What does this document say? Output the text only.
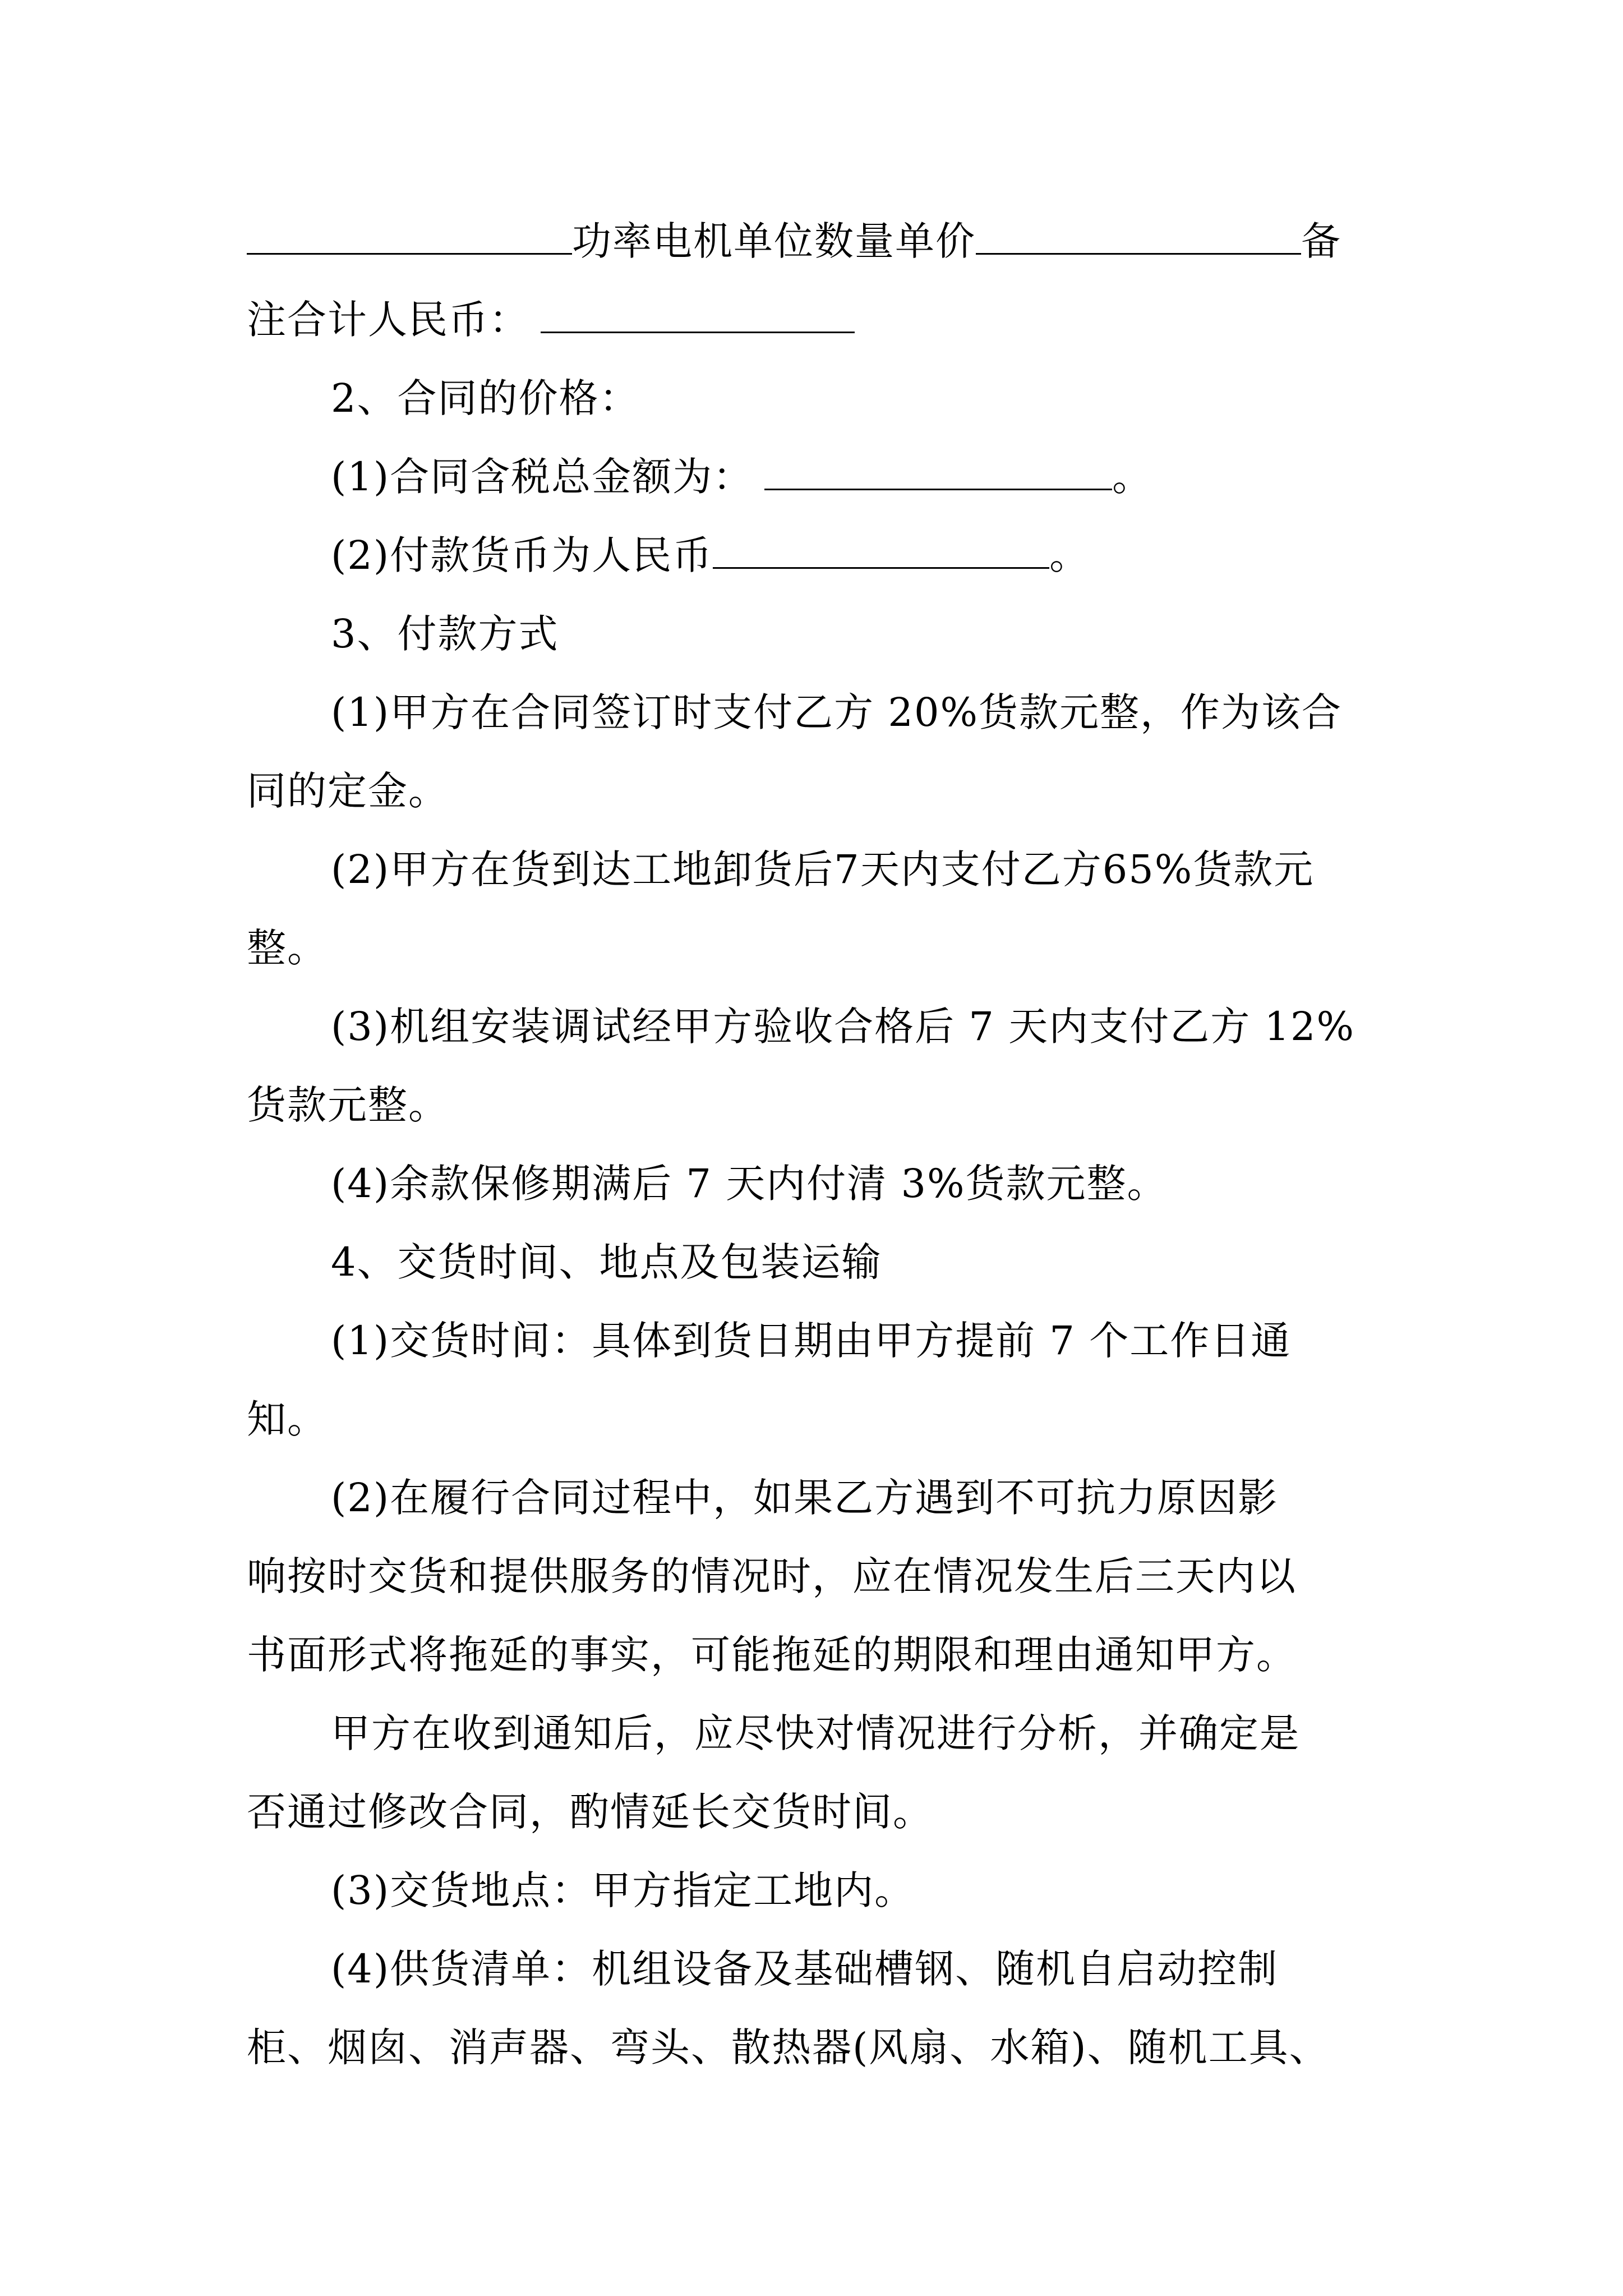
功率电机单位数量单价	备
注合计人民币：
2、合同的价格：
(1)合同含税总金额为：	。
(2)付款货币为人民币	。
3、付款方式
(1)甲方在合同签订时支付乙方 20%货款元整，作为该合
同的定金。
(2)甲方在货到达工地卸货后7天内支付乙方65%货款元
整。
(3)机组安装调试经甲方验收合格后 7 天内支付乙方 12%
货款元整。
(4)余款保修期满后 7 天内付清 3%货款元整。
4、交货时间、地点及包装运输
(1)交货时间：具体到货日期由甲方提前 7 个工作日通
知。
(2)在履行合同过程中，如果乙方遇到不可抗力原因影
响按时交货和提供服务的情况时，应在情况发生后三天内以
书面形式将拖延的事实，可能拖延的期限和理由通知甲方。
甲方在收到通知后，应尽快对情况进行分析，并确定是
否通过修改合同，酌情延长交货时间。
(3)交货地点：甲方指定工地内。
(4)供货清单：机组设备及基础槽钢、随机自启动控制
柜、烟囱、消声器、弯头、散热器(风扇、水箱)、随机工具、
